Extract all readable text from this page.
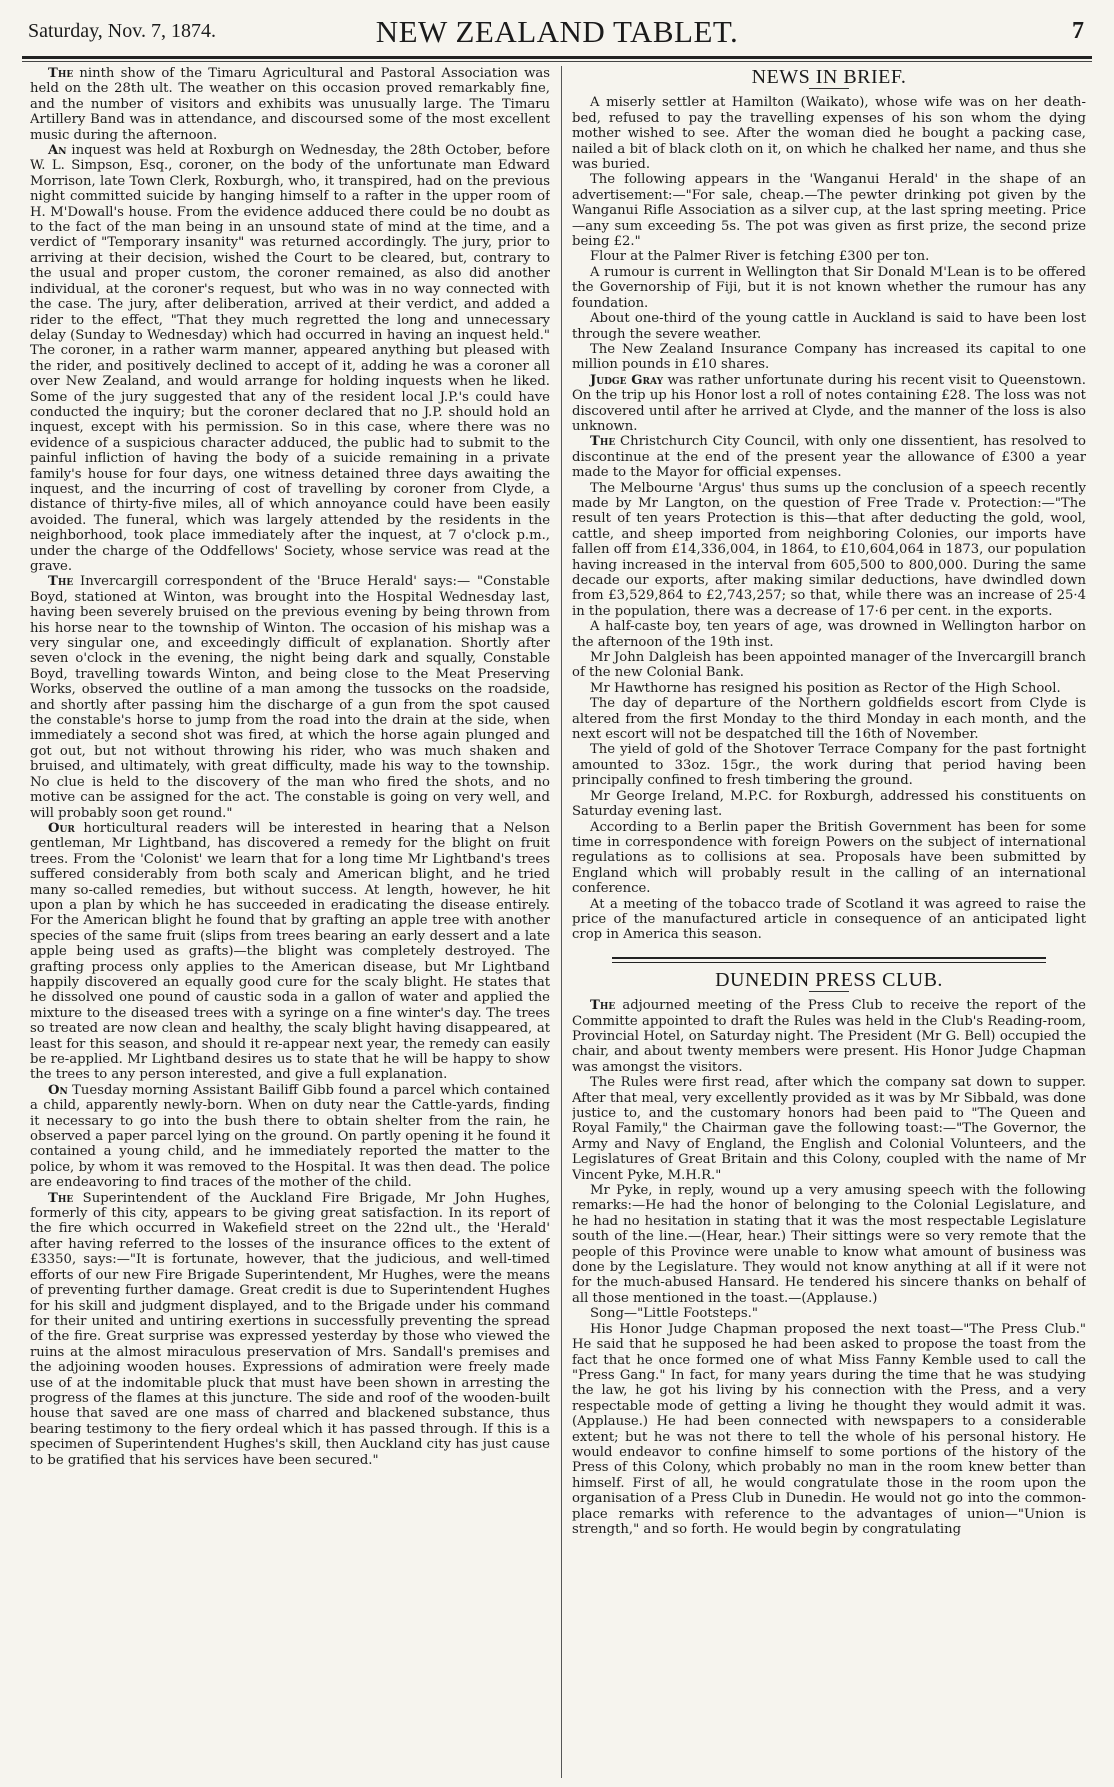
Saturday, Nov. 7, 1874.	NEW ZEALAND TABLET.	7

The ninth show of the Timaru Agricultural and Pastoral Association was held on the 28th ult. The weather on this occasion proved remarkably fine, and the number of visitors and exhibits was unusually large. The Timaru Artillery Band was in attendance, and discoursed some of the most excellent music during the afternoon.

An inquest was held at Roxburgh on Wednesday, the 28th October, before W. L. Simpson, Esq., coroner, on the body of the unfortunate man Edward Morrison, late Town Clerk, Roxburgh, who, it transpired, had on the previous night committed suicide by hanging himself to a rafter in the upper room of H. M'Dowall's house. From the evidence adduced there could be no doubt as to the fact of the man being in an unsound state of mind at the time, and a verdict of "Temporary insanity" was returned accordingly. The jury, prior to arriving at their decision, wished the Court to be cleared, but, contrary to the usual and proper custom, the coroner remained, as also did another individual, at the coroner's request, but who was in no way connected with the case. The jury, after deliberation, arrived at their verdict, and added a rider to the effect, "That they much regretted the long and unnecessary delay (Sunday to Wednesday) which had occurred in having an inquest held." The coroner, in a rather warm manner, appeared anything but pleased with the rider, and positively declined to accept of it, adding he was a coroner all over New Zealand, and would arrange for holding inquests when he liked. Some of the jury suggested that any of the resident local J.P.'s could have conducted the inquiry; but the coroner declared that no J.P. should hold an inquest, except with his permission. So in this case, where there was no evidence of a suspicious character adduced, the public had to submit to the painful infliction of having the body of a suicide remaining in a private family's house for four days, one witness detained three days awaiting the inquest, and the incurring of cost of travelling by coroner from Clyde, a distance of thirty-five miles, all of which annoyance could have been easily avoided. The funeral, which was largely attended by the residents in the neighborhood, took place immediately after the inquest, at 7 o'clock p.m., under the charge of the Oddfellows' Society, whose service was read at the grave.

The Invercargill correspondent of the 'Bruce Herald' says:— "Constable Boyd, stationed at Winton, was brought into the Hospital Wednesday last, having been severely bruised on the previous evening by being thrown from his horse near to the township of Winton. The occasion of his mishap was a very singular one, and exceedingly difficult of explanation. Shortly after seven o'clock in the evening, the night being dark and squally, Constable Boyd, travelling towards Winton, and being close to the Meat Preserving Works, observed the outline of a man among the tussocks on the roadside, and shortly after passing him the discharge of a gun from the spot caused the constable's horse to jump from the road into the drain at the side, when immediately a second shot was fired, at which the horse again plunged and got out, but not without throwing his rider, who was much shaken and bruised, and ultimately, with great difficulty, made his way to the township. No clue is held to the discovery of the man who fired the shots, and no motive can be assigned for the act. The constable is going on very well, and will probably soon get round."

Our horticultural readers will be interested in hearing that a Nelson gentleman, Mr Lightband, has discovered a remedy for the blight on fruit trees. From the 'Colonist' we learn that for a long time Mr Lightband's trees suffered considerably from both scaly and American blight, and he tried many so-called remedies, but without success. At length, however, he hit upon a plan by which he has succeeded in eradicating the disease entirely. For the American blight he found that by grafting an apple tree with another species of the same fruit (slips from trees bearing an early dessert and a late apple being used as grafts)—the blight was completely destroyed. The grafting process only applies to the American disease, but Mr Lightband happily discovered an equally good cure for the scaly blight. He states that he dissolved one pound of caustic soda in a gallon of water and applied the mixture to the diseased trees with a syringe on a fine winter's day. The trees so treated are now clean and healthy, the scaly blight having disappeared, at least for this season, and should it re-appear next year, the remedy can easily be re-applied. Mr Lightband desires us to state that he will be happy to show the trees to any person interested, and give a full explanation.

On Tuesday morning Assistant Bailiff Gibb found a parcel which contained a child, apparently newly-born. When on duty near the Cattle-yards, finding it necessary to go into the bush there to obtain shelter from the rain, he observed a paper parcel lying on the ground. On partly opening it he found it contained a young child, and he immediately reported the matter to the police, by whom it was removed to the Hospital. It was then dead. The police are endeavoring to find traces of the mother of the child.

The Superintendent of the Auckland Fire Brigade, Mr John Hughes, formerly of this city, appears to be giving great satisfaction. In its report of the fire which occurred in Wakefield street on the 22nd ult., the 'Herald' after having referred to the losses of the insurance offices to the extent of £3350, says:—"It is fortunate, however, that the judicious, and well-timed efforts of our new Fire Brigade Superintendent, Mr Hughes, were the means of preventing further damage. Great credit is due to Superintendent Hughes for his skill and judgment displayed, and to the Brigade under his command for their united and untiring exertions in successfully preventing the spread of the fire. Great surprise was expressed yesterday by those who viewed the ruins at the almost miraculous preservation of Mrs. Sandall's premises and the adjoining wooden houses. Expressions of admiration were freely made use of at the indomitable pluck that must have been shown in arresting the progress of the flames at this juncture. The side and roof of the wooden-built house that saved are one mass of charred and blackened substance, thus bearing testimony to the fiery ordeal which it has passed through. If this is a specimen of Superintendent Hughes's skill, then Auckland city has just cause to be gratified that his services have been secured."

NEWS IN BRIEF.

A miserly settler at Hamilton (Waikato), whose wife was on her death-bed, refused to pay the travelling expenses of his son whom the dying mother wished to see. After the woman died he bought a packing case, nailed a bit of black cloth on it, on which he chalked her name, and thus she was buried.

The following appears in the 'Wanganui Herald' in the shape of an advertisement:—"For sale, cheap.—The pewter drinking pot given by the Wanganui Rifle Association as a silver cup, at the last spring meeting. Price—any sum exceeding 5s. The pot was given as first prize, the second prize being £2."

Flour at the Palmer River is fetching £300 per ton.

A rumour is current in Wellington that Sir Donald M'Lean is to be offered the Governorship of Fiji, but it is not known whether the rumour has any foundation.

About one-third of the young cattle in Auckland is said to have been lost through the severe weather.

The New Zealand Insurance Company has increased its capital to one million pounds in £10 shares.

Judge Gray was rather unfortunate during his recent visit to Queenstown. On the trip up his Honor lost a roll of notes containing £28. The loss was not discovered until after he arrived at Clyde, and the manner of the loss is also unknown.

The Christchurch City Council, with only one dissentient, has resolved to discontinue at the end of the present year the allowance of £300 a year made to the Mayor for official expenses.

The Melbourne 'Argus' thus sums up the conclusion of a speech recently made by Mr Langton, on the question of Free Trade v. Protection:—"The result of ten years Protection is this—that after deducting the gold, wool, cattle, and sheep imported from neighboring Colonies, our imports have fallen off from £14,336,004, in 1864, to £10,604,064 in 1873, our population having increased in the interval from 605,500 to 800,000. During the same decade our exports, after making similar deductions, have dwindled down from £3,529,864 to £2,743,257; so that, while there was an increase of 25·4 in the population, there was a decrease of 17·6 per cent. in the exports.

A half-caste boy, ten years of age, was drowned in Wellington harbor on the afternoon of the 19th inst.

Mr John Dalgleish has been appointed manager of the Invercargill branch of the new Colonial Bank.

Mr Hawthorne has resigned his position as Rector of the High School.

The day of departure of the Northern goldfields escort from Clyde is altered from the first Monday to the third Monday in each month, and the next escort will not be despatched till the 16th of November.

The yield of gold of the Shotover Terrace Company for the past fortnight amounted to 33oz. 15gr., the work during that period having been principally confined to fresh timbering the ground.

Mr George Ireland, M.P.C. for Roxburgh, addressed his constituents on Saturday evening last.

According to a Berlin paper the British Government has been for some time in correspondence with foreign Powers on the subject of international regulations as to collisions at sea. Proposals have been submitted by England which will probably result in the calling of an international conference.

At a meeting of the tobacco trade of Scotland it was agreed to raise the price of the manufactured article in consequence of an anticipated light crop in America this season.

DUNEDIN PRESS CLUB.

The adjourned meeting of the Press Club to receive the report of the Committe appointed to draft the Rules was held in the Club's Reading-room, Provincial Hotel, on Saturday night. The President (Mr G. Bell) occupied the chair, and about twenty members were present. His Honor Judge Chapman was amongst the visitors.

The Rules were first read, after which the company sat down to supper. After that meal, very excellently provided as it was by Mr Sibbald, was done justice to, and the customary honors had been paid to "The Queen and Royal Family," the Chairman gave the following toast:—"The Governor, the Army and Navy of England, the English and Colonial Volunteers, and the Legislatures of Great Britain and this Colony, coupled with the name of Mr Vincent Pyke, M.H.R."

Mr Pyke, in reply, wound up a very amusing speech with the following remarks:—He had the honor of belonging to the Colonial Legislature, and he had no hesitation in stating that it was the most respectable Legislature south of the line.—(Hear, hear.) Their sittings were so very remote that the people of this Province were unable to know what amount of business was done by the Legislature. They would not know anything at all if it were not for the much-abused Hansard. He tendered his sincere thanks on behalf of all those mentioned in the toast.—(Applause.)

Song—"Little Footsteps."

His Honor Judge Chapman proposed the next toast—"The Press Club." He said that he supposed he had been asked to propose the toast from the fact that he once formed one of what Miss Fanny Kemble used to call the "Press Gang." In fact, for many years during the time that he was studying the law, he got his living by his connection with the Press, and a very respectable mode of getting a living he thought they would admit it was. (Applause.) He had been connected with newspapers to a considerable extent; but he was not there to tell the whole of his personal history. He would endeavor to confine himself to some portions of the history of the Press of this Colony, which probably no man in the room knew better than himself. First of all, he would congratulate those in the room upon the organisation of a Press Club in Dunedin. He would not go into the common-place remarks with reference to the advantages of union—"Union is strength," and so forth. He would begin by congratulating
